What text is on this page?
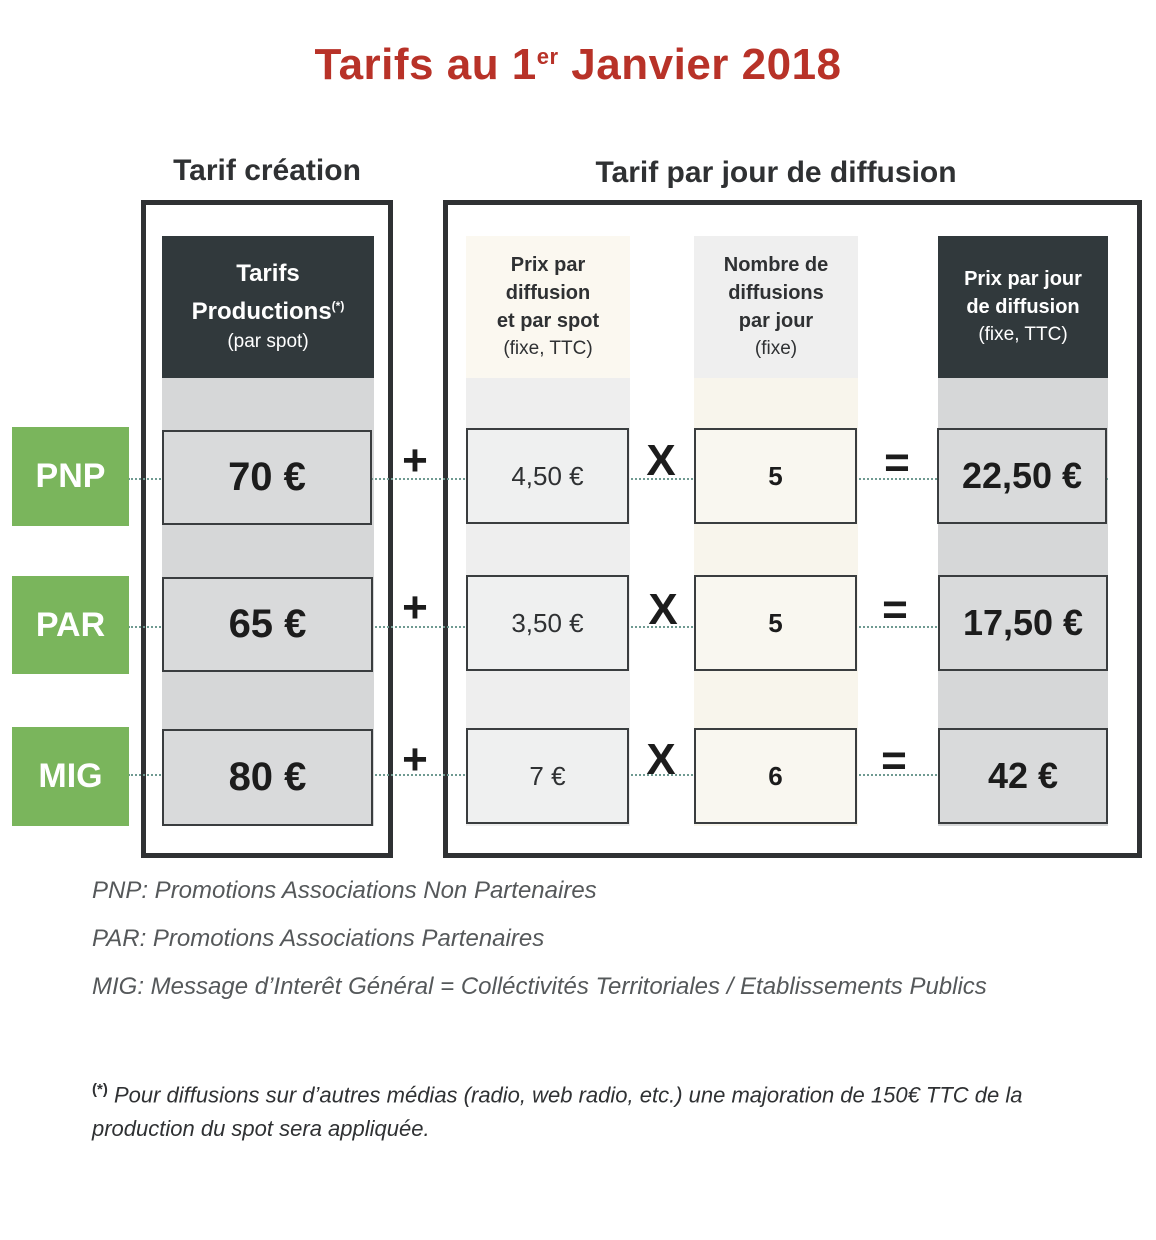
Tarifs au 1er Janvier 2018
Tarif création	Tarif par jour de diffusion
Tarifs
Productions(*)
(par spot)
Prix par
diffusion
et par spot
(fixe, TTC)
Nombre de
diffusions
par jour
(fixe)
Prix par jour
de diffusion
(fixe, TTC)
PNP	70 €	+	4,50 €	X	5	=	22,50 €
PAR	65 €	+	3,50 €	X	5	=	17,50 €
MIG	80 €	+	7 €	X	6	=	42 €
PNP: Promotions Associations Non Partenaires
PAR: Promotions Associations Partenaires
MIG: Message d’Interêt Général = Colléctivités Territoriales / Etablissements Publics
(*) Pour diffusions sur d’autres médias (radio, web radio, etc.) une majoration de 150€ TTC de la production du spot sera appliquée.
